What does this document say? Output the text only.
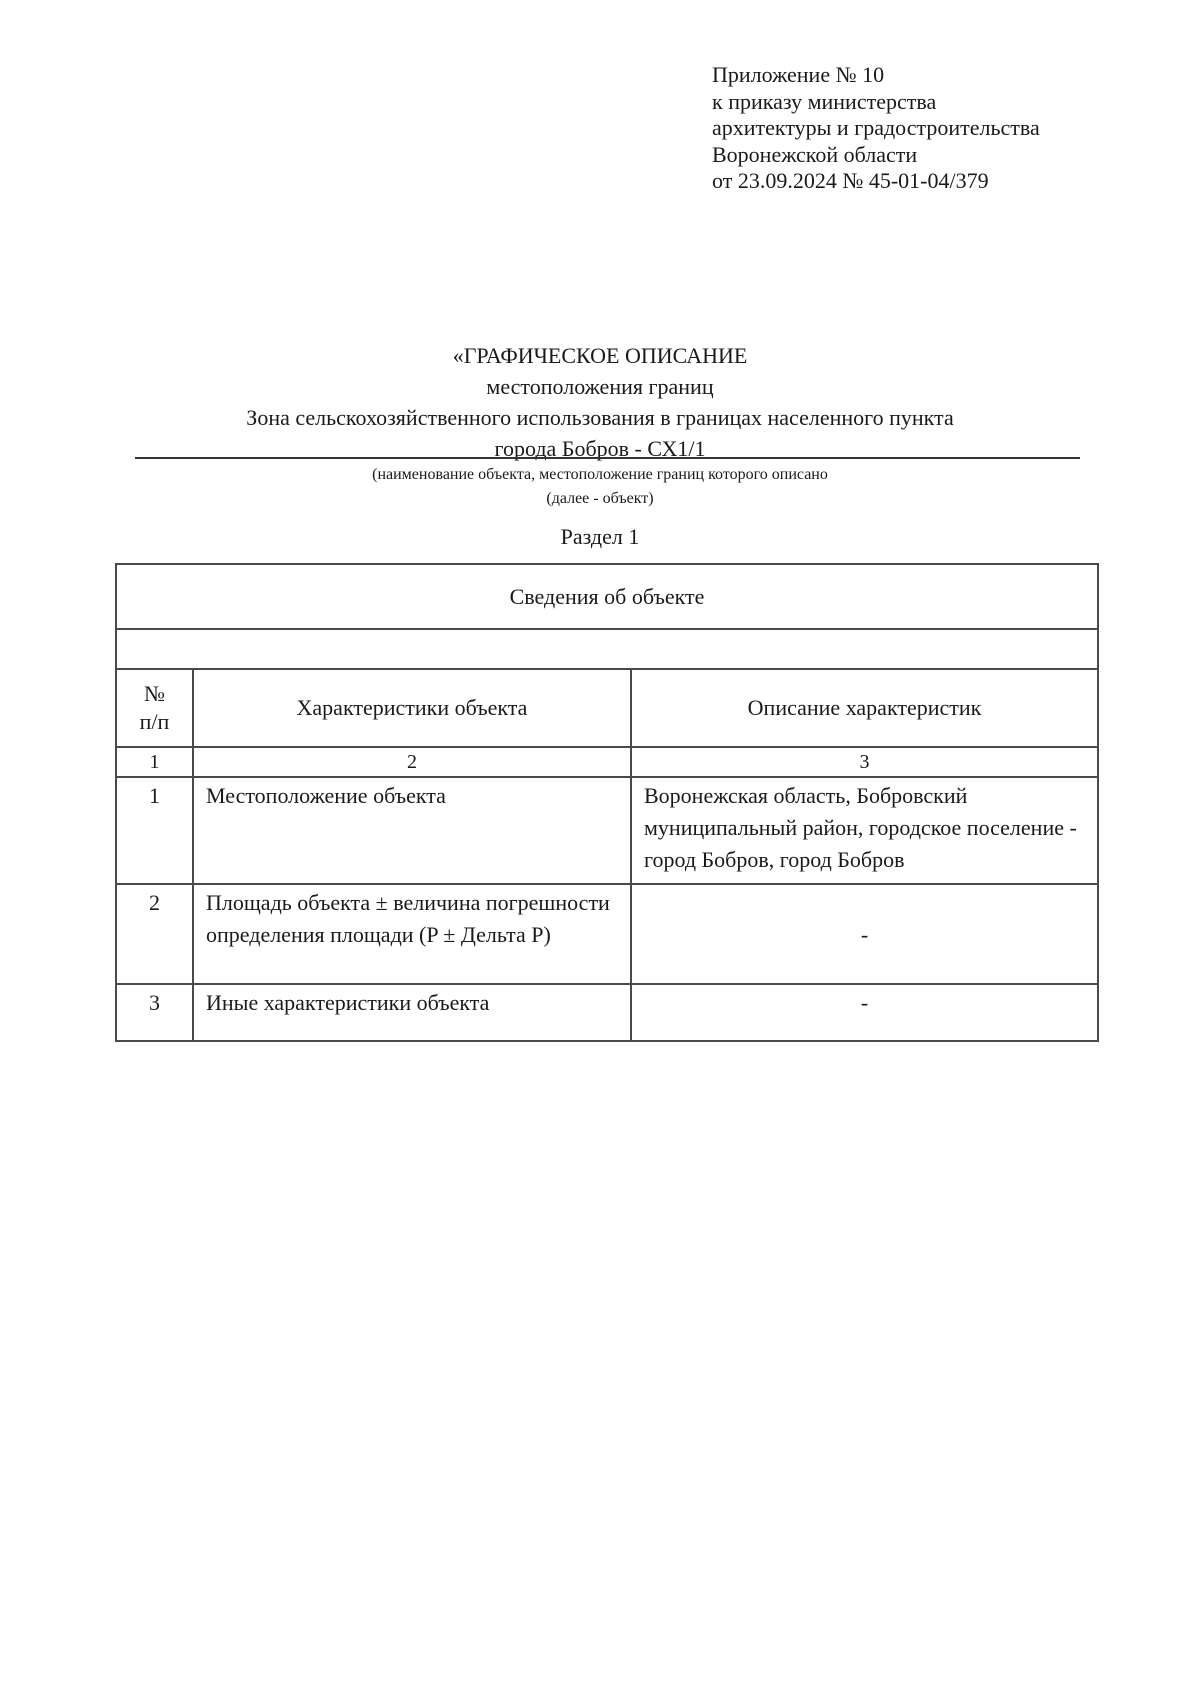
Приложение № 10
к приказу министерства
архитектуры и градостроительства
Воронежской области
от 23.09.2024 № 45-01-04/379
«ГРАФИЧЕСКОЕ ОПИСАНИЕ
местоположения границ
Зона сельскохозяйственного использования в границах населенного пункта
города Бобров - СХ1/1
(наименование объекта, местоположение границ которого описано
(далее - объект)
Раздел 1
Сведения об объекте		

№
п/п	Характеристики объекта	Описание характеристик
1	2	3
1	Местоположение объекта	Воронежская область, Бобровский муниципальный район, городское поселение - город Бобров, город Бобров
2	Площадь объекта ± величина погрешности определения площади (P ± Дельта P)	-
3	Иные характеристики объекта	-
